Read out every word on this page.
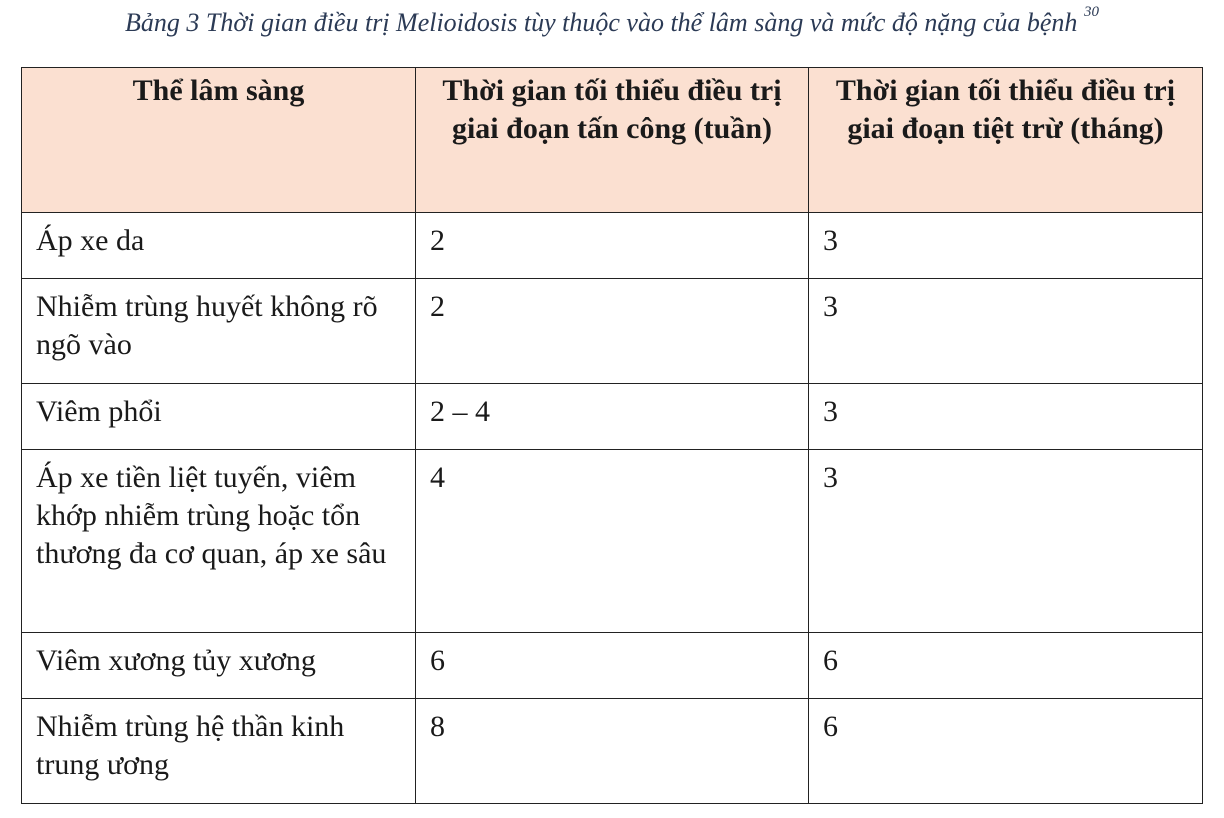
Bảng 3 Thời gian điều trị Melioidosis tùy thuộc vào thể lâm sàng và mức độ nặng của bệnh $^{30}$
Thể lâm sàng	Thời gian tối thiểu điều trị giai đoạn tấn công (tuần)	Thời gian tối thiểu điều trị giai đoạn tiệt trừ (tháng)
Áp xe da	2	3
Nhiễm trùng huyết không rõ ngõ vào	2	3
Viêm phổi	2 – 4	3
Áp xe tiền liệt tuyến, viêm khớp nhiễm trùng hoặc tổn thương đa cơ quan, áp xe sâu	4	3
Viêm xương tủy xương	6	6
Nhiễm trùng hệ thần kinh trung ương	8	6
